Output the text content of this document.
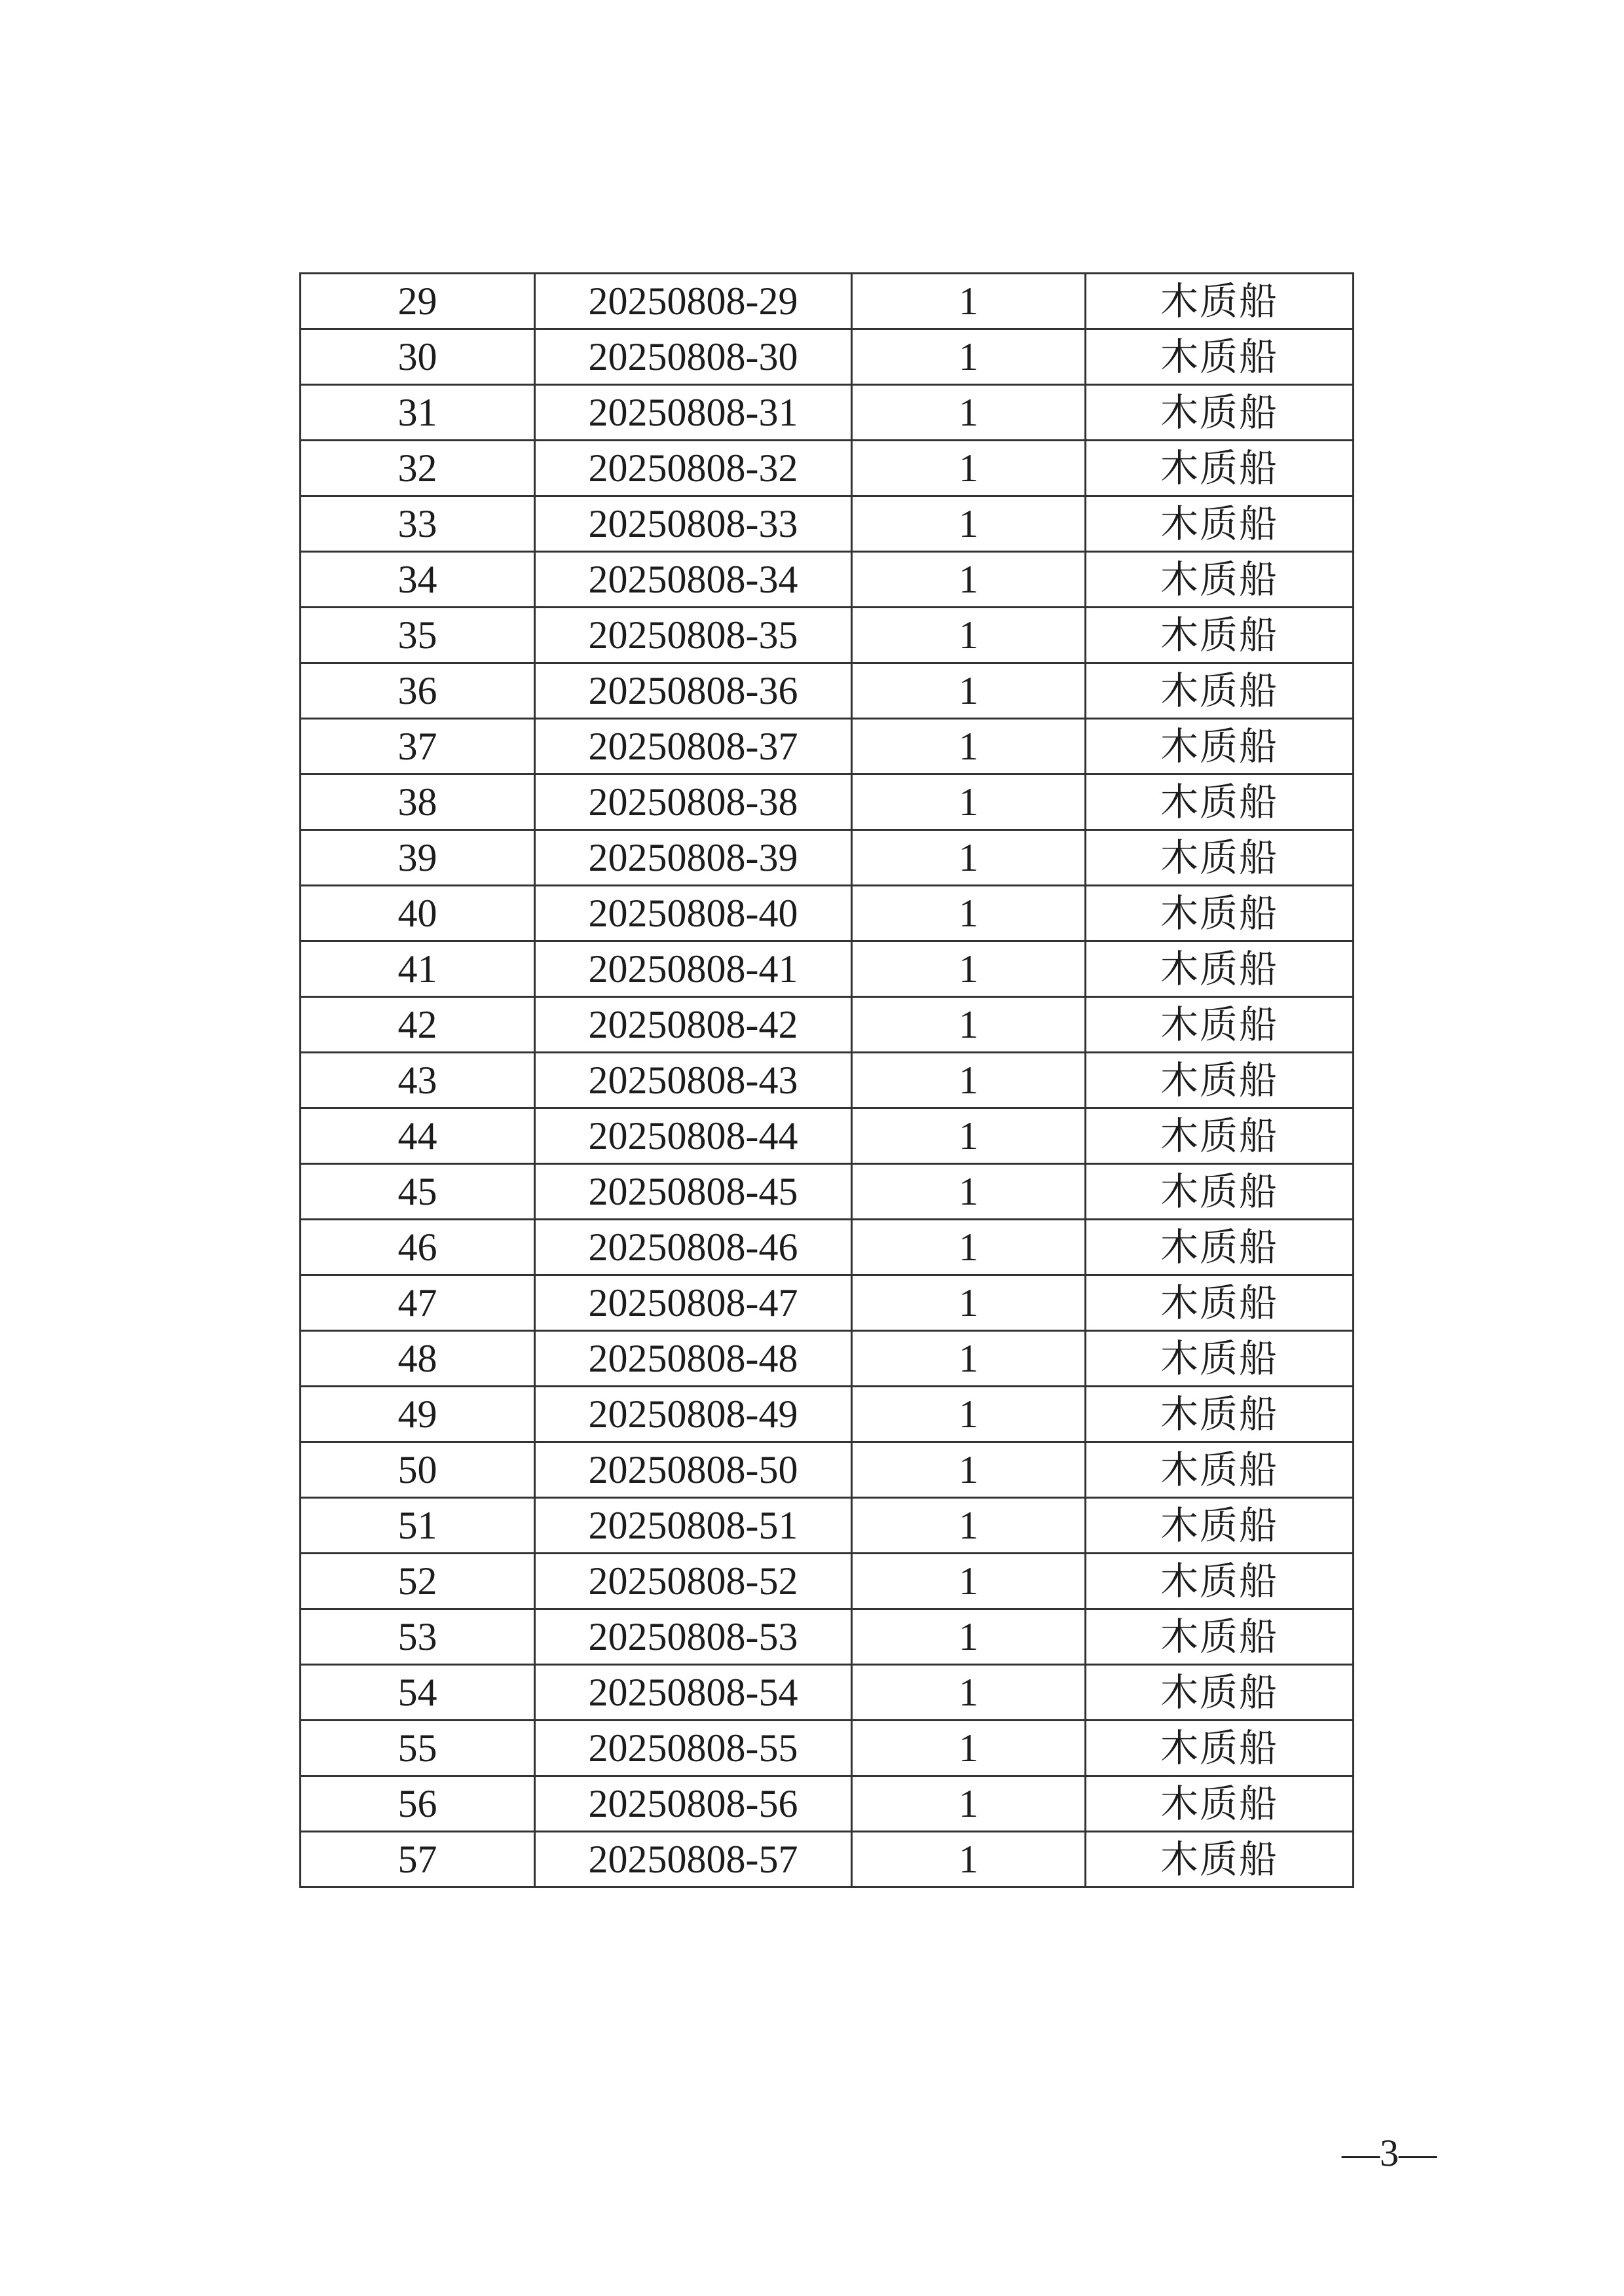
29	20250808-29	1	木质船
30	20250808-30	1	木质船
31	20250808-31	1	木质船
32	20250808-32	1	木质船
33	20250808-33	1	木质船
34	20250808-34	1	木质船
35	20250808-35	1	木质船
36	20250808-36	1	木质船
37	20250808-37	1	木质船
38	20250808-38	1	木质船
39	20250808-39	1	木质船
40	20250808-40	1	木质船
41	20250808-41	1	木质船
42	20250808-42	1	木质船
43	20250808-43	1	木质船
44	20250808-44	1	木质船
45	20250808-45	1	木质船
46	20250808-46	1	木质船
47	20250808-47	1	木质船
48	20250808-48	1	木质船
49	20250808-49	1	木质船
50	20250808-50	1	木质船
51	20250808-51	1	木质船
52	20250808-52	1	木质船
53	20250808-53	1	木质船
54	20250808-54	1	木质船
55	20250808-55	1	木质船
56	20250808-56	1	木质船
57	20250808-57	1	木质船
—3—
